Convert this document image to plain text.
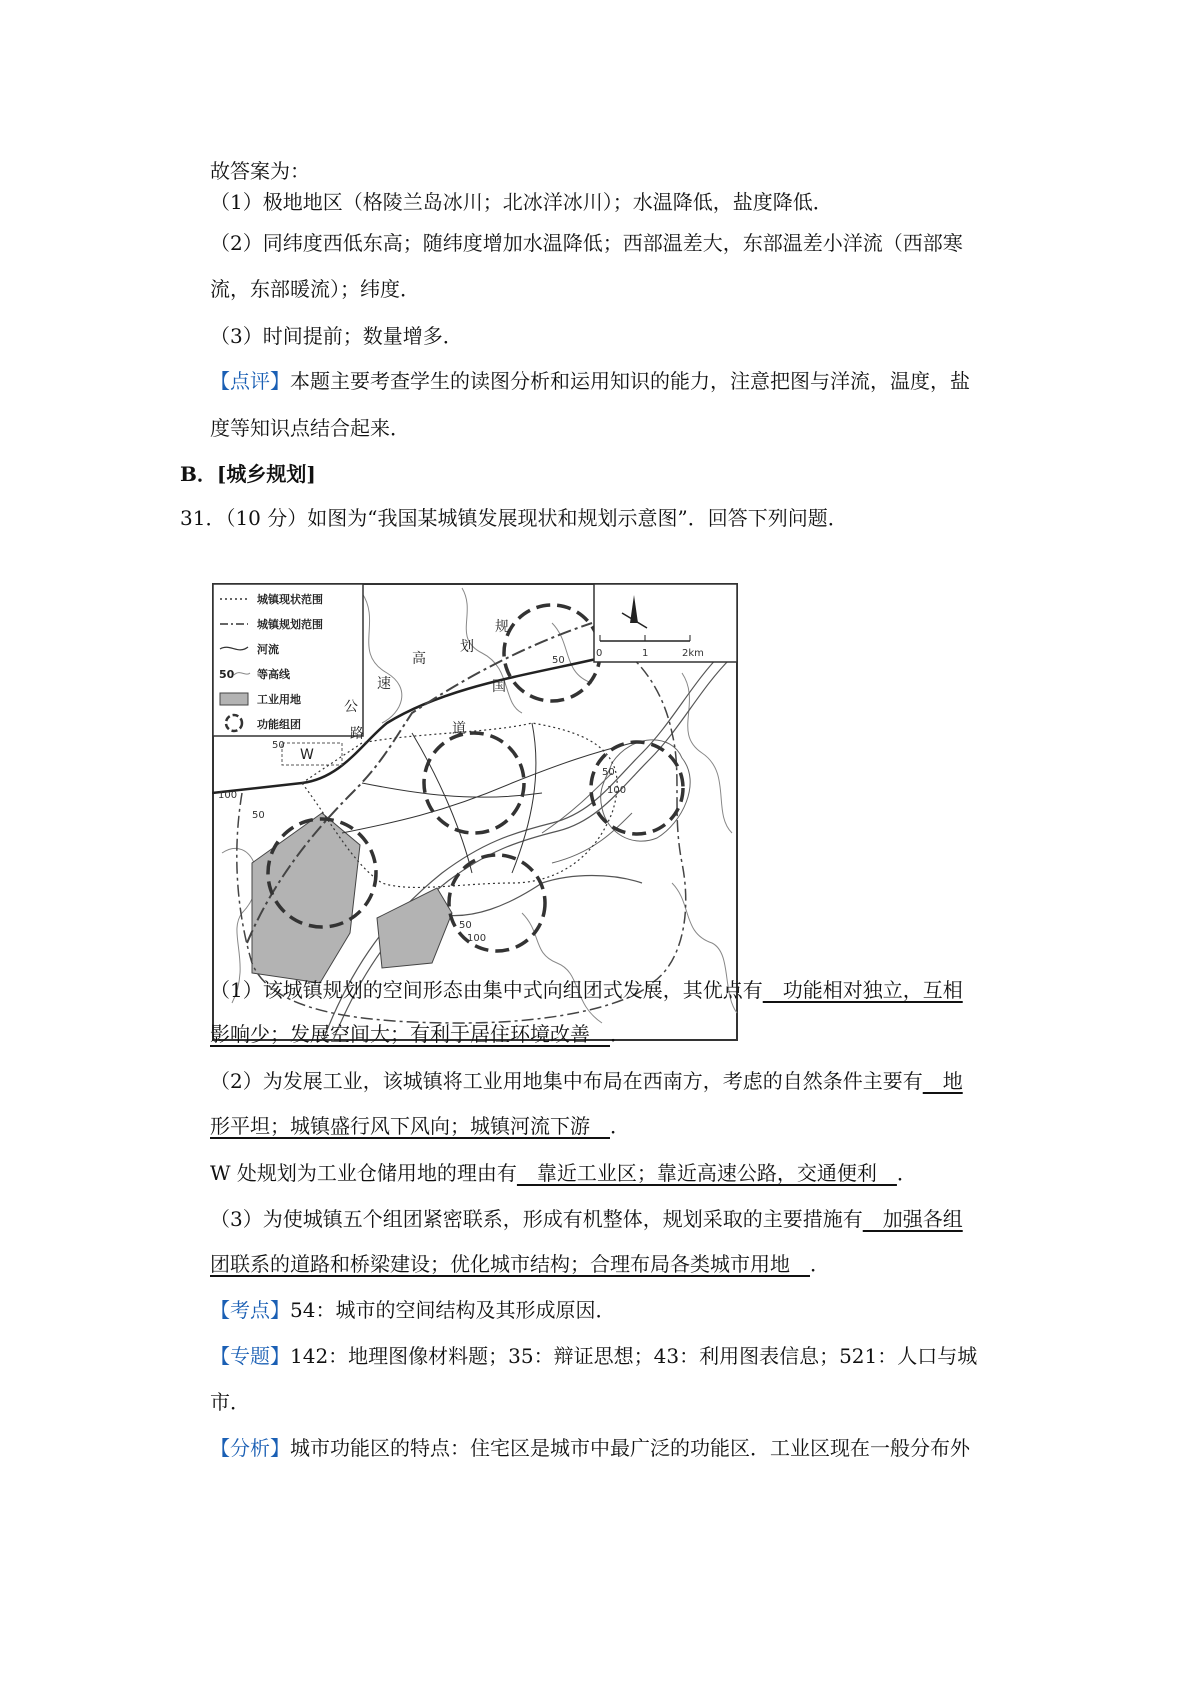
故答案为：
（1）极地地区（格陵兰岛冰川；北冰洋冰川）；水温降低，盐度降低．
（2）同纬度西低东高；随纬度增加水温降低；西部温差大，东部温差小洋流（西部寒
流，东部暖流）；纬度．
（3）时间提前；数量增多．
【点评】本题主要考查学生的读图分析和运用知识的能力，注意把图与洋流，温度，盐
度等知识点结合起来．
B．[城乡规划]
31．（10 分）如图为“我国某城镇发展现状和规划示意图”．回答下列问题．
城镇现状范围
城镇规划范围
河流
50 等高线
工业用地
功能组团
0	1	2km
高
速
公
路
规
划
国
道
W
50
50
100
50
50
100
50
100
（1）该城镇规划的空间形态由集中式向组团式发展，其优点有　功能相对独立，互相
影响少；发展空间大；有利于居住环境改善　．
（2）为发展工业，该城镇将工业用地集中布局在西南方，考虑的自然条件主要有　地
形平坦；城镇盛行风下风向；城镇河流下游　．
W 处规划为工业仓储用地的理由有　靠近工业区；靠近高速公路，交通便利　．
（3）为使城镇五个组团紧密联系，形成有机整体，规划采取的主要措施有　加强各组
团联系的道路和桥梁建设；优化城市结构；合理布局各类城市用地　．
【考点】54：城市的空间结构及其形成原因．
【专题】142：地理图像材料题；35：辩证思想；43：利用图表信息；521：人口与城
市．
【分析】城市功能区的特点：住宅区是城市中最广泛的功能区．工业区现在一般分布外
